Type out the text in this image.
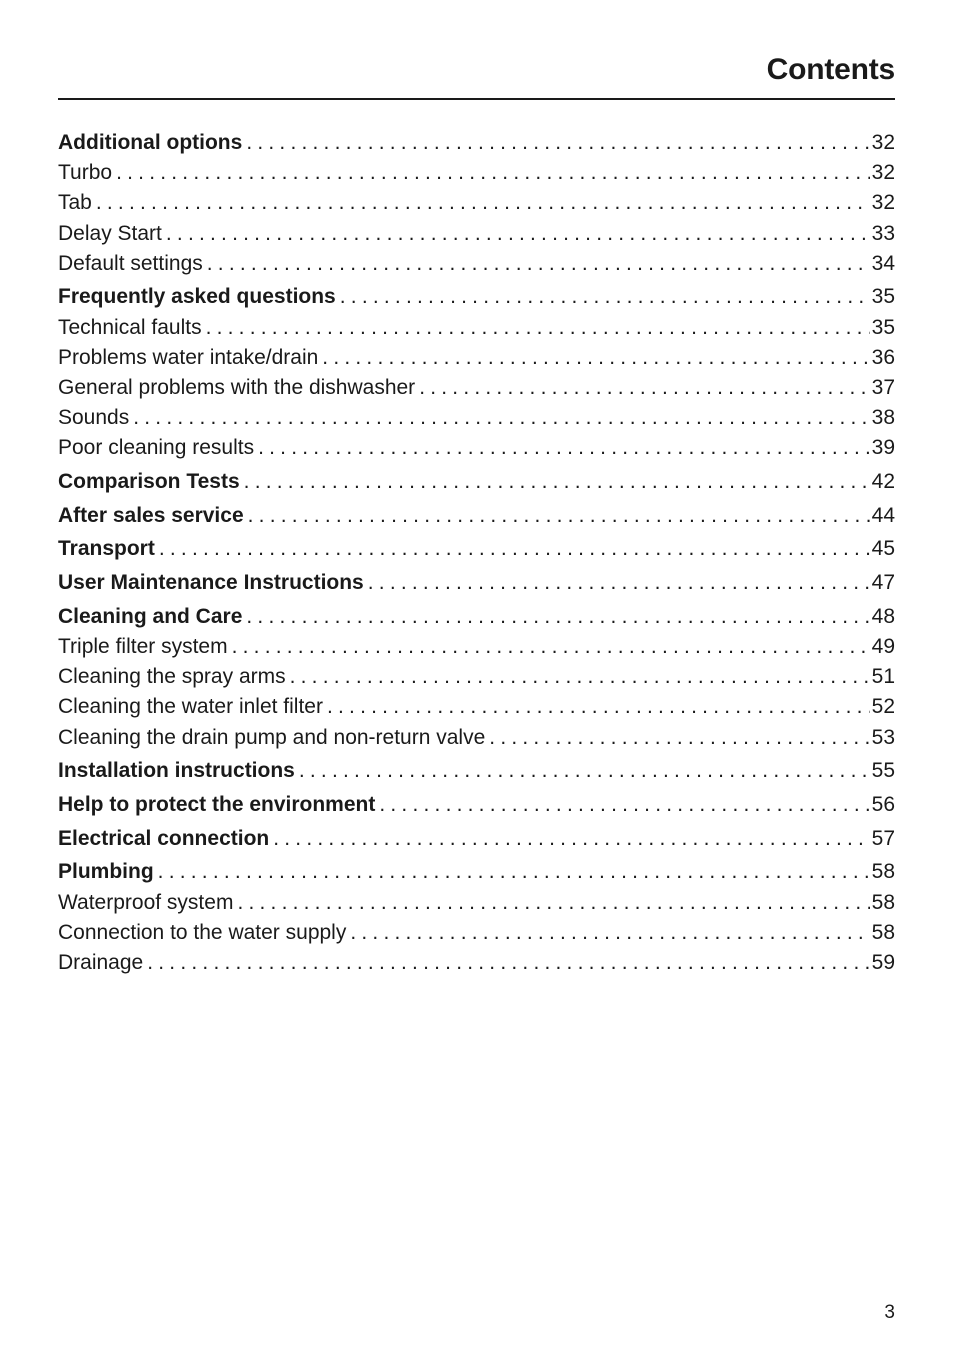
Contents
Additional options .....	32
Turbo .....	32
Tab .....	32
Delay Start .....	33
Default settings .....	34
Frequently asked questions .....	35
Technical faults .....	35
Problems water intake/drain .....	36
General problems with the dishwasher .....	37
Sounds .....	38
Poor cleaning results .....	39
Comparison Tests .....	42
After sales service .....	44
Transport .....	45
User Maintenance Instructions .....	47
Cleaning and Care .....	48
Triple filter system .....	49
Cleaning the spray arms .....	51
Cleaning the water inlet filter .....	52
Cleaning the drain pump and non-return valve .....	53
Installation instructions .....	55
Help to protect the environment .....	56
Electrical connection .....	57
Plumbing .....	58
Waterproof system .....	58
Connection to the water supply .....	58
Drainage .....	59
3
